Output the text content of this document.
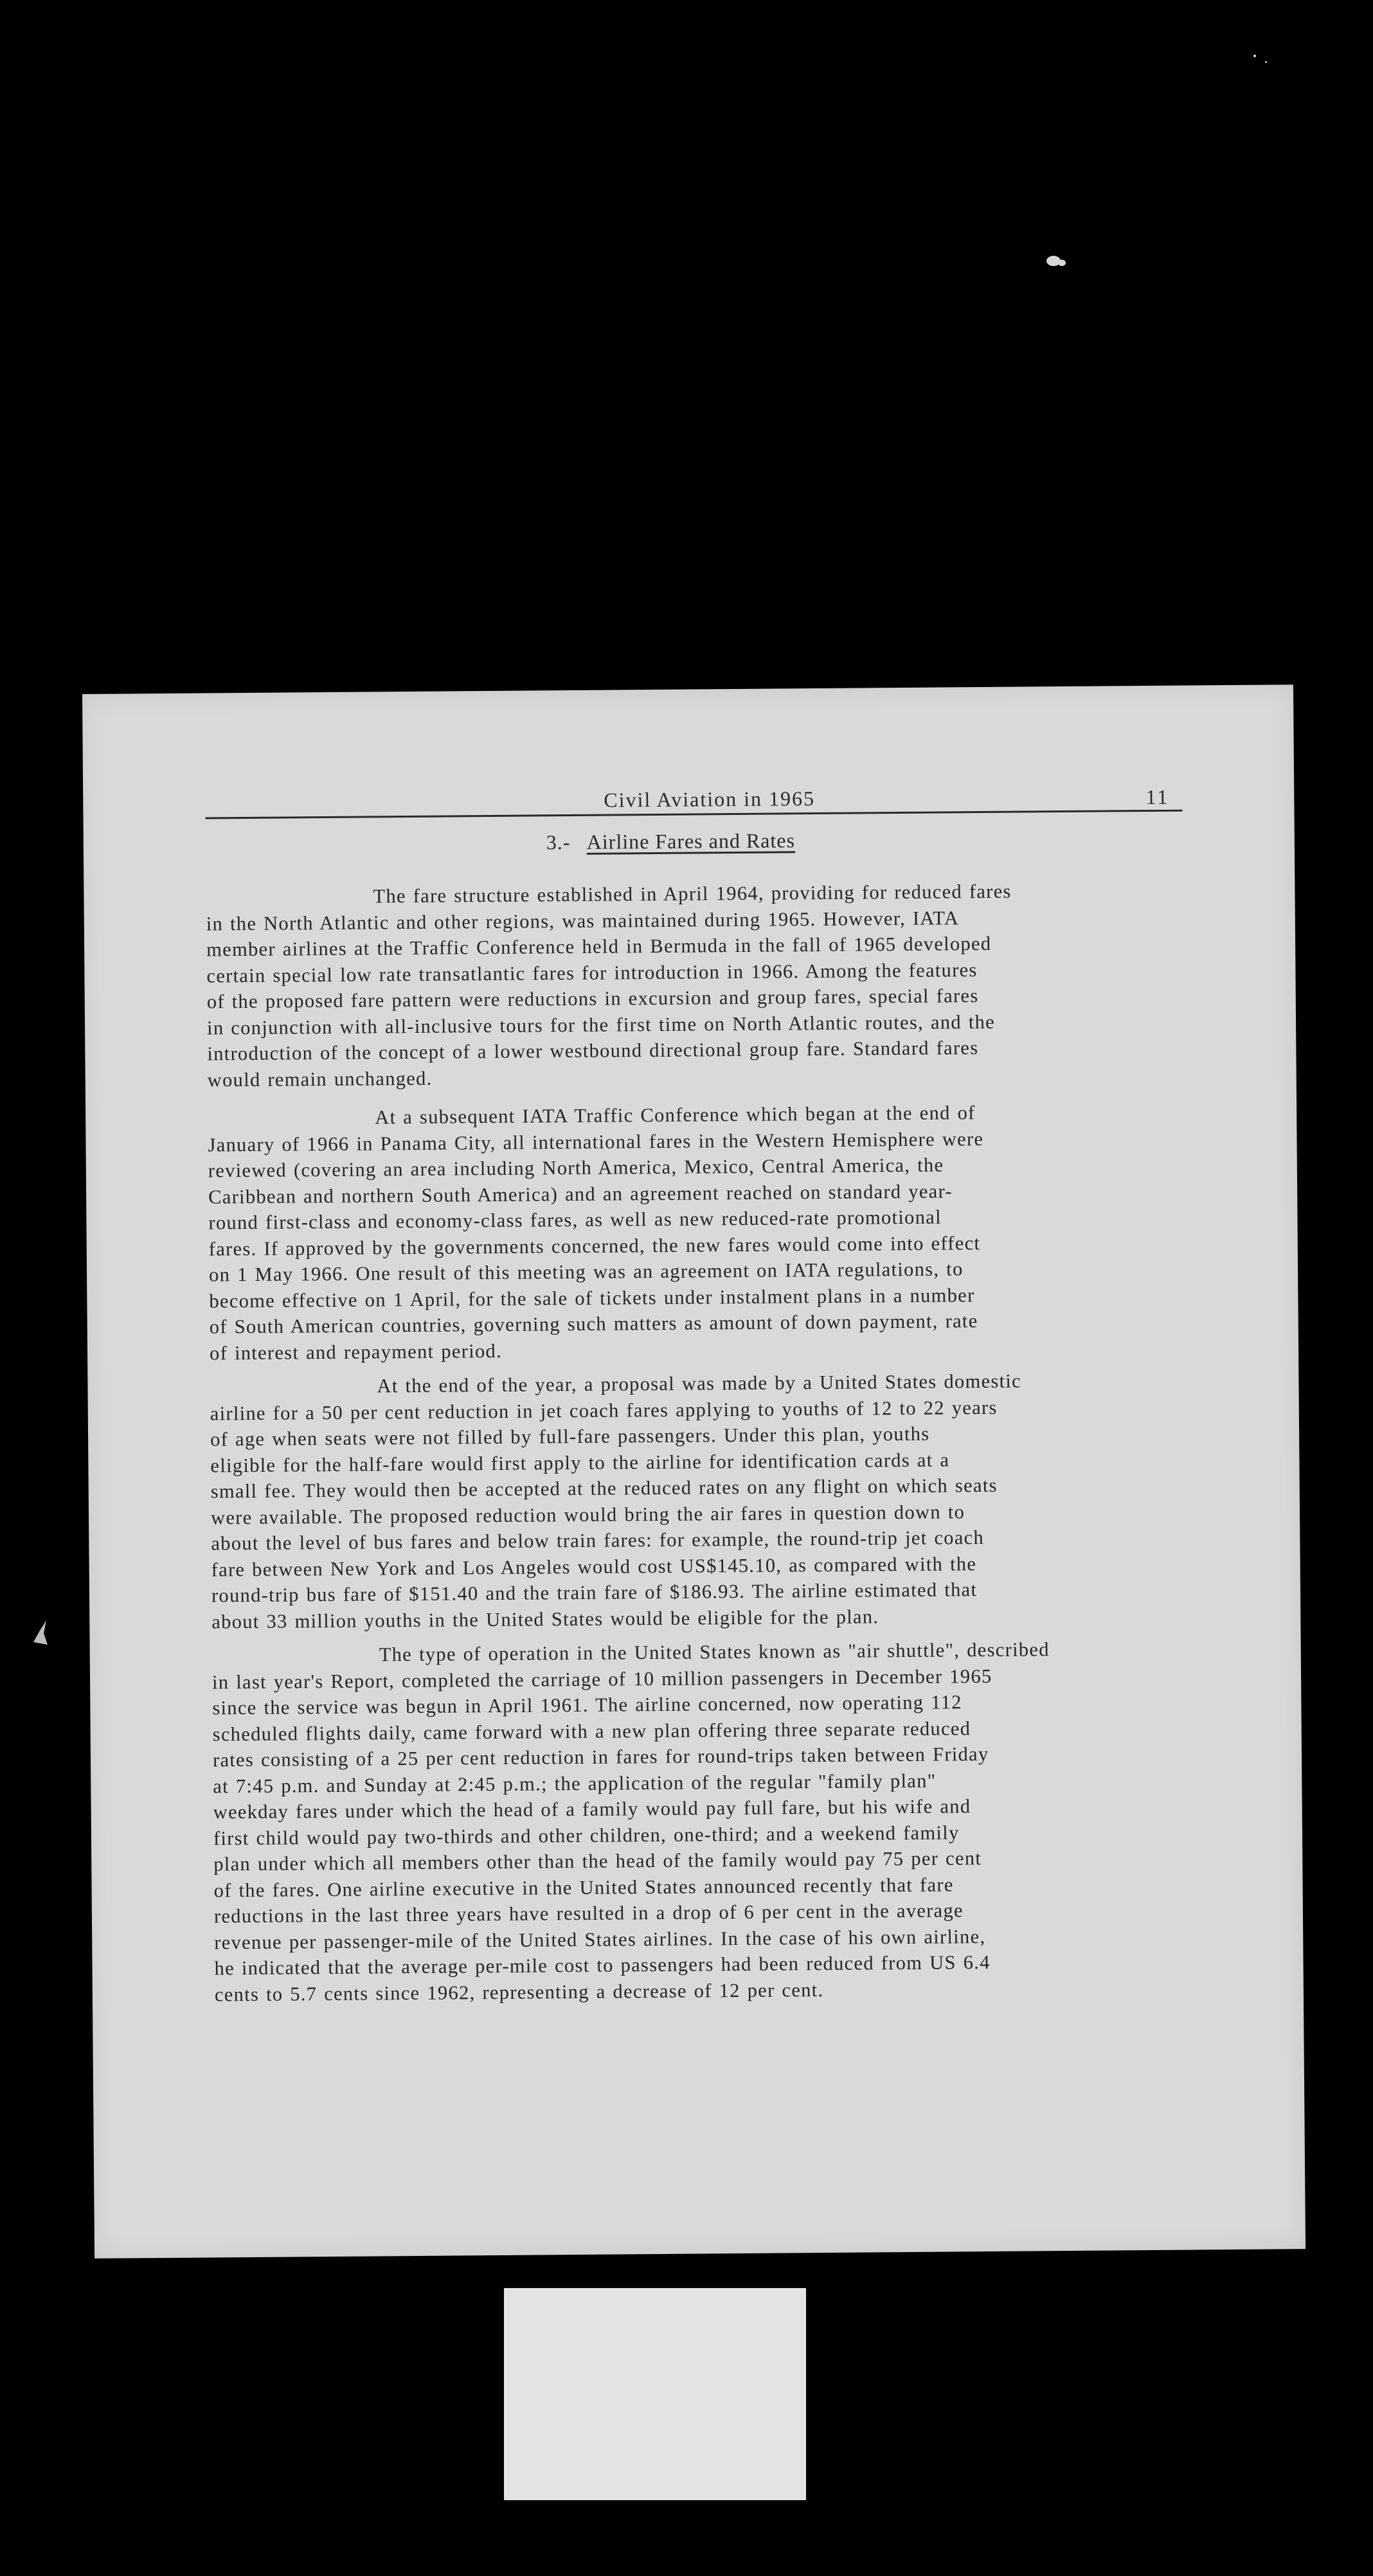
Civil Aviation in 1965	11
3.- Airline Fares and Rates

The fare structure established in April 1964, providing for reduced fares
in the North Atlantic and other regions, was maintained during 1965. However, IATA
member airlines at the Traffic Conference held in Bermuda in the fall of 1965 developed
certain special low rate transatlantic fares for introduction in 1966. Among the features
of the proposed fare pattern were reductions in excursion and group fares, special fares
in conjunction with all-inclusive tours for the first time on North Atlantic routes, and the
introduction of the concept of a lower westbound directional group fare. Standard fares
would remain unchanged.

At a subsequent IATA Traffic Conference which began at the end of
January of 1966 in Panama City, all international fares in the Western Hemisphere were
reviewed (covering an area including North America, Mexico, Central America, the
Caribbean and northern South America) and an agreement reached on standard year-
round first-class and economy-class fares, as well as new reduced-rate promotional
fares. If approved by the governments concerned, the new fares would come into effect
on 1 May 1966. One result of this meeting was an agreement on IATA regulations, to
become effective on 1 April, for the sale of tickets under instalment plans in a number
of South American countries, governing such matters as amount of down payment, rate
of interest and repayment period.

At the end of the year, a proposal was made by a United States domestic
airline for a 50 per cent reduction in jet coach fares applying to youths of 12 to 22 years
of age when seats were not filled by full-fare passengers. Under this plan, youths
eligible for the half-fare would first apply to the airline for identification cards at a
small fee. They would then be accepted at the reduced rates on any flight on which seats
were available. The proposed reduction would bring the air fares in question down to
about the level of bus fares and below train fares: for example, the round-trip jet coach
fare between New York and Los Angeles would cost US$145.10, as compared with the
round-trip bus fare of $151.40 and the train fare of $186.93. The airline estimated that
about 33 million youths in the United States would be eligible for the plan.

The type of operation in the United States known as "air shuttle", described
in last year's Report, completed the carriage of 10 million passengers in December 1965
since the service was begun in April 1961. The airline concerned, now operating 112
scheduled flights daily, came forward with a new plan offering three separate reduced
rates consisting of a 25 per cent reduction in fares for round-trips taken between Friday
at 7:45 p.m. and Sunday at 2:45 p.m.; the application of the regular "family plan"
weekday fares under which the head of a family would pay full fare, but his wife and
first child would pay two-thirds and other children, one-third; and a weekend family
plan under which all members other than the head of the family would pay 75 per cent
of the fares. One airline executive in the United States announced recently that fare
reductions in the last three years have resulted in a drop of 6 per cent in the average
revenue per passenger-mile of the United States airlines. In the case of his own airline,
he indicated that the average per-mile cost to passengers had been reduced from US 6.4
cents to 5.7 cents since 1962, representing a decrease of 12 per cent.
